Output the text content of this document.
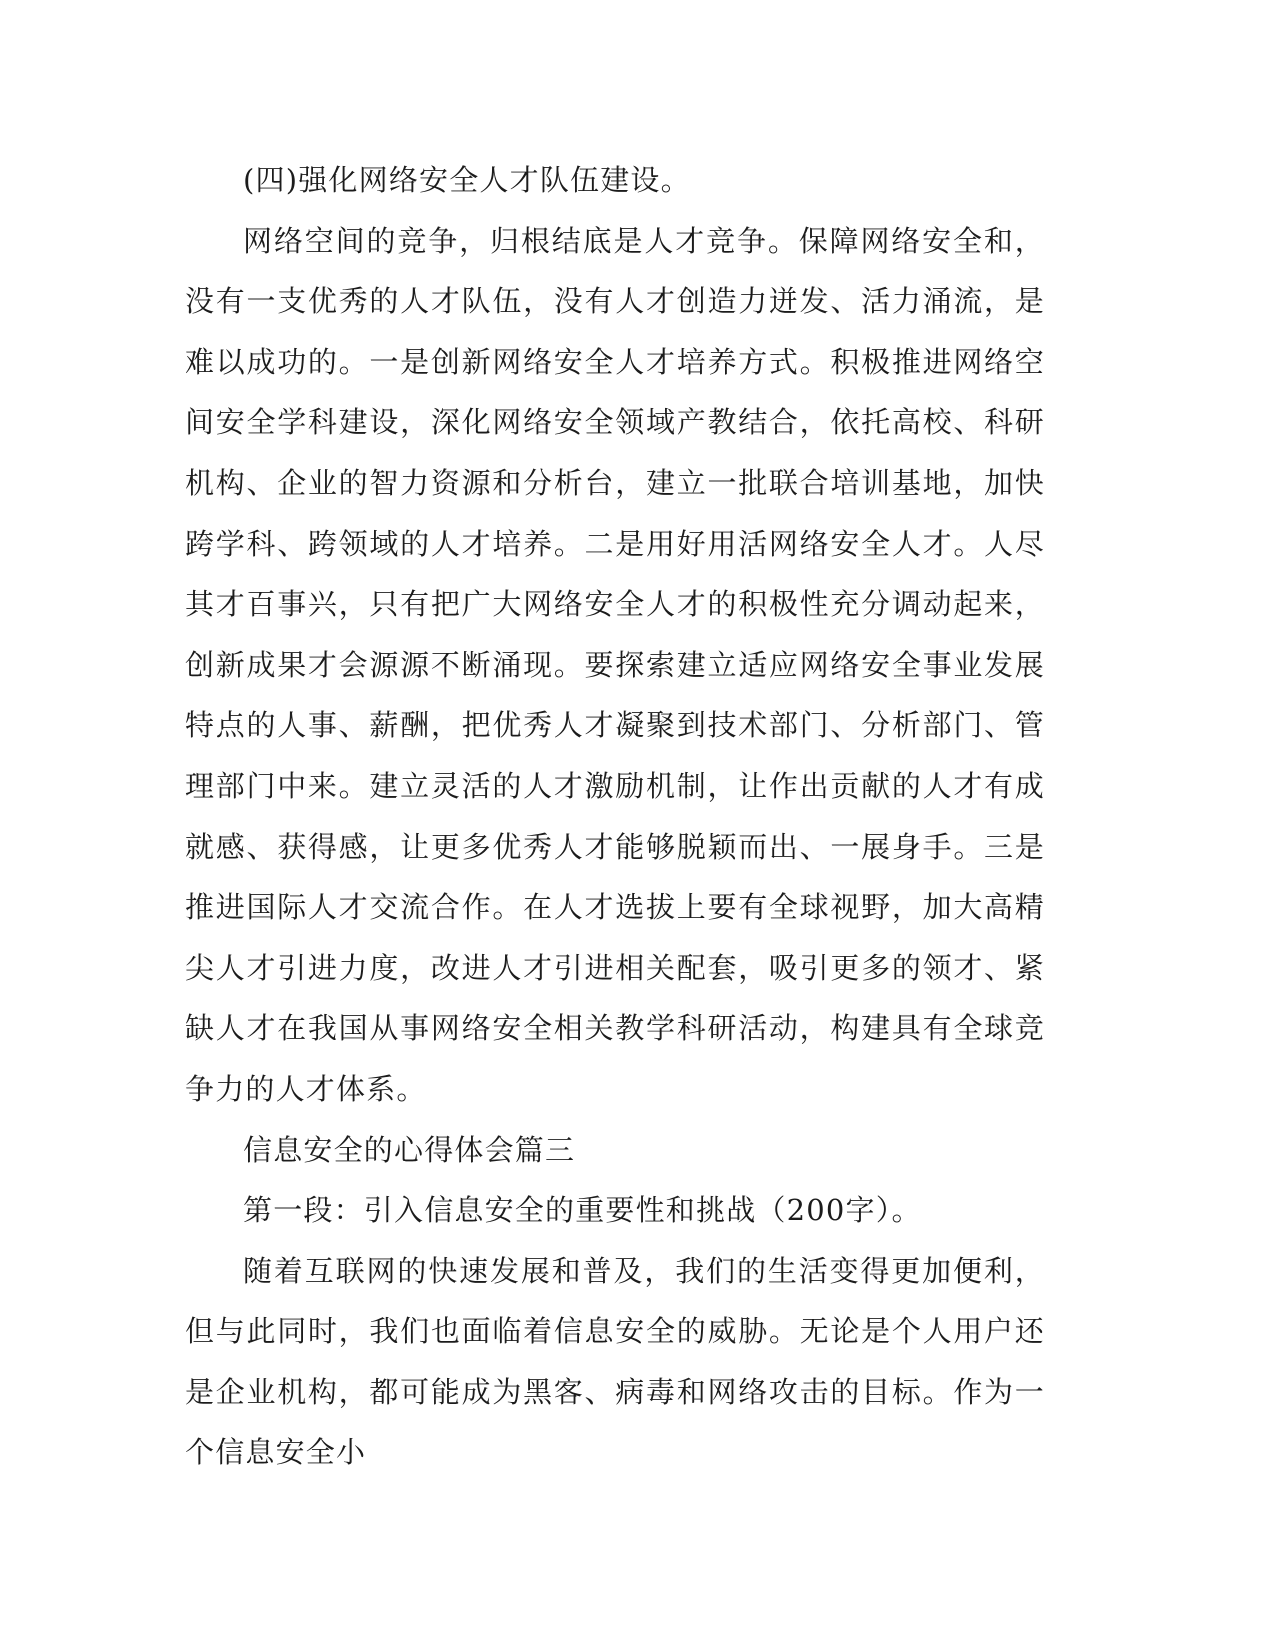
(四)强化网络安全人才队伍建设。

网络空间的竞争，归根结底是人才竞争。保障网络安全和，没有一支优秀的人才队伍，没有人才创造力迸发、活力涌流，是难以成功的。一是创新网络安全人才培养方式。积极推进网络空间安全学科建设，深化网络安全领域产教结合，依托高校、科研机构、企业的智力资源和分析台，建立一批联合培训基地，加快跨学科、跨领域的人才培养。二是用好用活网络安全人才。人尽其才百事兴，只有把广大网络安全人才的积极性充分调动起来，创新成果才会源源不断涌现。要探索建立适应网络安全事业发展特点的人事、薪酬，把优秀人才凝聚到技术部门、分析部门、管理部门中来。建立灵活的人才激励机制，让作出贡献的人才有成就感、获得感，让更多优秀人才能够脱颖而出、一展身手。三是推进国际人才交流合作。在人才选拔上要有全球视野，加大高精尖人才引进力度，改进人才引进相关配套，吸引更多的领才、紧缺人才在我国从事网络安全相关教学科研活动，构建具有全球竞争力的人才体系。

信息安全的心得体会篇三

第一段：引入信息安全的重要性和挑战（200字）。

随着互联网的快速发展和普及，我们的生活变得更加便利，但与此同时，我们也面临着信息安全的威胁。无论是个人用户还是企业机构，都可能成为黑客、病毒和网络攻击的目标。作为一个信息安全小
